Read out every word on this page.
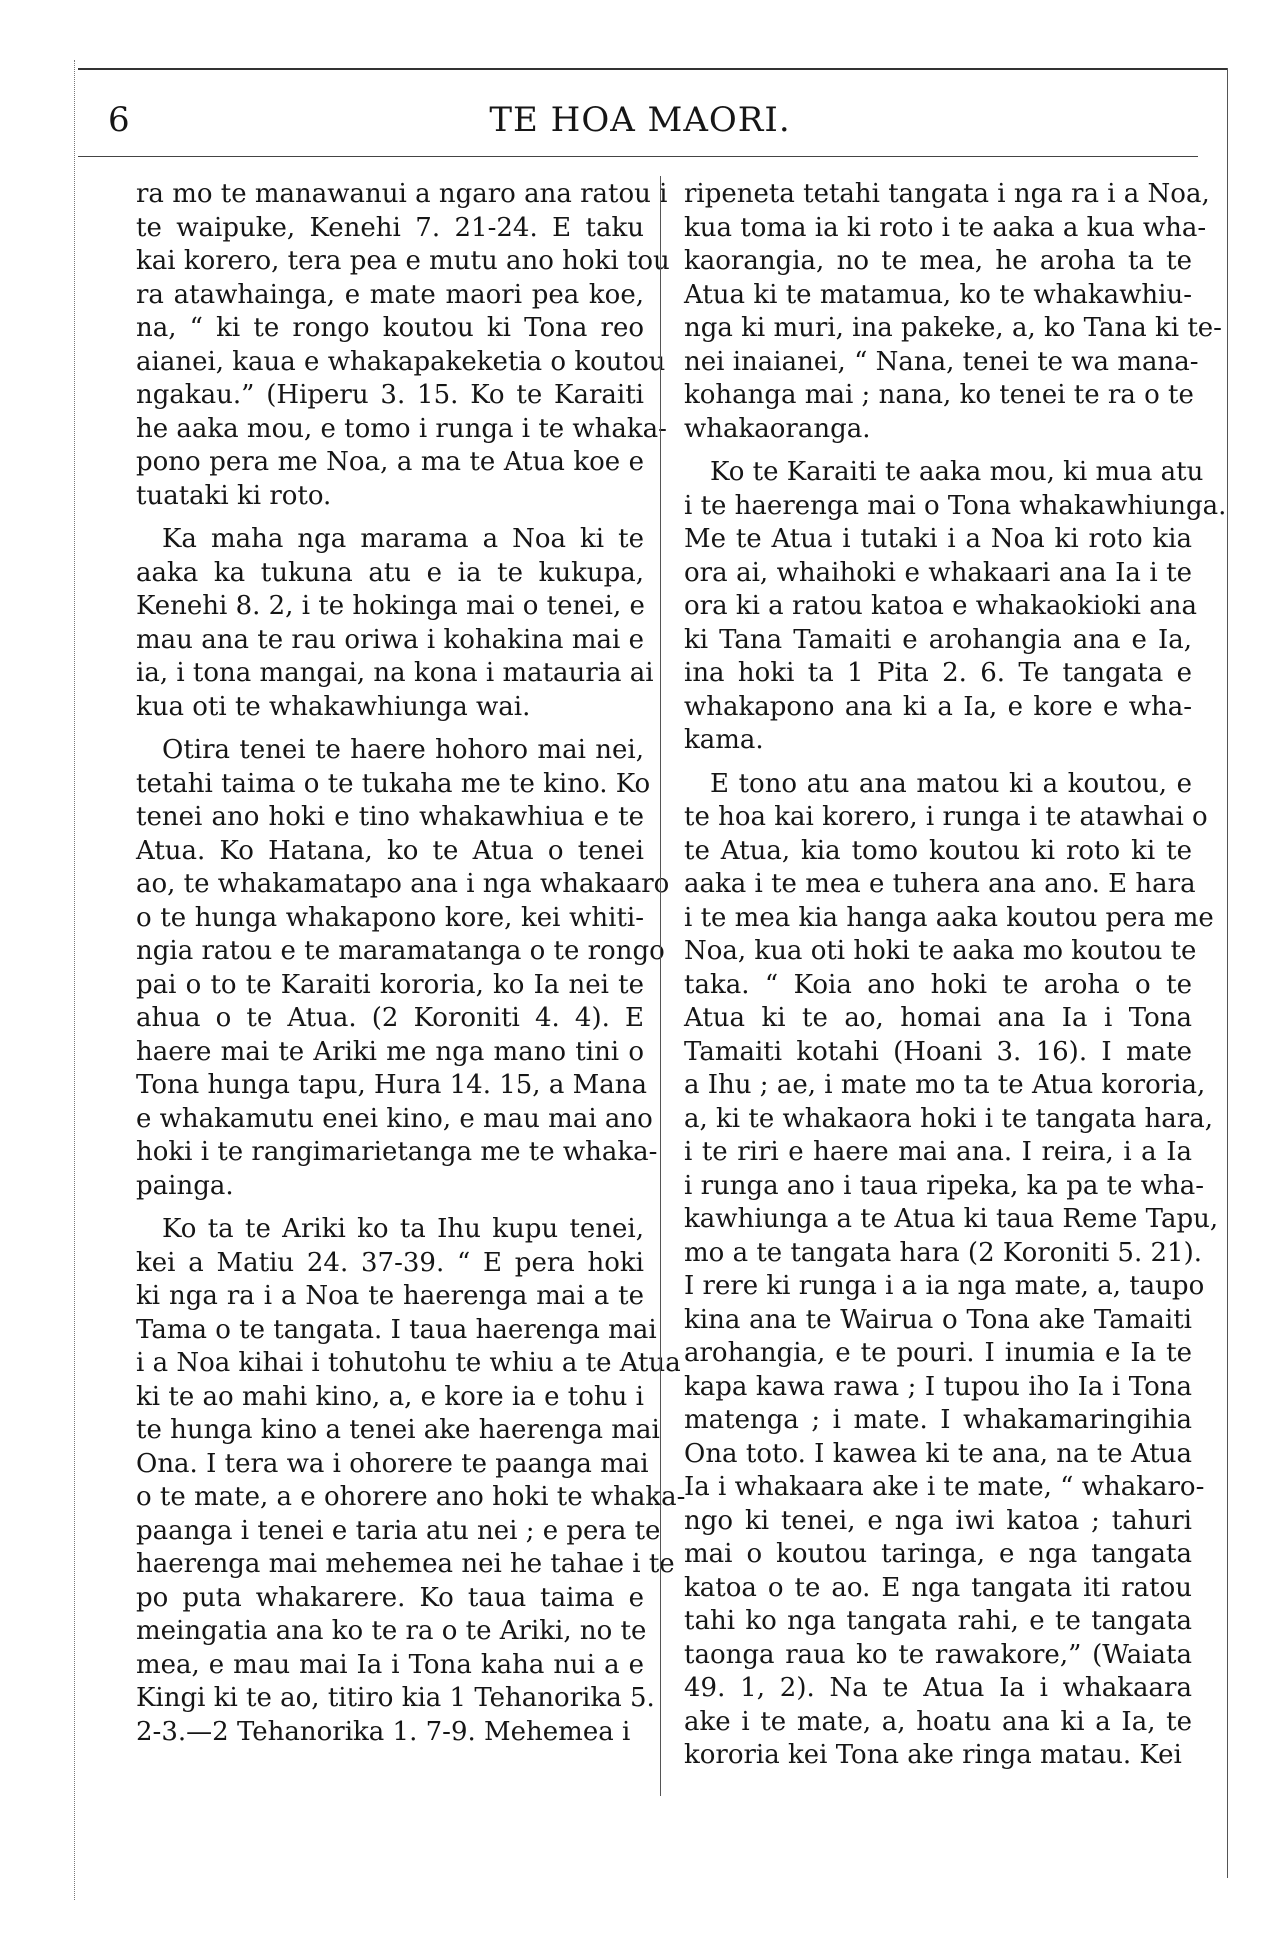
6	TE HOA MAORI.
ra mo te manawanui a ngaro ana ratou i
te waipuke, Kenehi 7. 21-24. E taku
kai korero, tera pea e mutu ano hoki tou
ra atawhainga, e mate maori pea koe,
na, “ ki te rongo koutou ki Tona reo
aianei, kaua e whakapakeketia o koutou
ngakau.” (Hiperu 3. 15. Ko te Karaiti
he aaka mou, e tomo i runga i te whaka-
pono pera me Noa, a ma te Atua koe e
tuataki ki roto.
Ka maha nga marama a Noa ki te
aaka ka tukuna atu e ia te kukupa,
Kenehi 8. 2, i te hokinga mai o tenei, e
mau ana te rau oriwa i kohakina mai e
ia, i tona mangai, na kona i matauria ai
kua oti te whakawhiunga wai.
Otira tenei te haere hohoro mai nei,
tetahi taima o te tukaha me te kino. Ko
tenei ano hoki e tino whakawhiua e te
Atua. Ko Hatana, ko te Atua o tenei
ao, te whakamatapo ana i nga whakaaro
o te hunga whakapono kore, kei whiti-
ngia ratou e te maramatanga o te rongo
pai o to te Karaiti kororia, ko Ia nei te
ahua o te Atua. (2 Koroniti 4. 4). E
haere mai te Ariki me nga mano tini o
Tona hunga tapu, Hura 14. 15, a Mana
e whakamutu enei kino, e mau mai ano
hoki i te rangimarietanga me te whaka-
painga.
Ko ta te Ariki ko ta Ihu kupu tenei,
kei a Matiu 24. 37-39. “ E pera hoki
ki nga ra i a Noa te haerenga mai a te
Tama o te tangata. I taua haerenga mai
i a Noa kihai i tohutohu te whiu a te Atua
ki te ao mahi kino, a, e kore ia e tohu i
te hunga kino a tenei ake haerenga mai
Ona. I tera wa i ohorere te paanga mai
o te mate, a e ohorere ano hoki te whaka-
paanga i tenei e taria atu nei ; e pera te
haerenga mai mehemea nei he tahae i te
po puta whakarere. Ko taua taima e
meingatia ana ko te ra o te Ariki, no te
mea, e mau mai Ia i Tona kaha nui a e
Kingi ki te ao, titiro kia 1 Tehanorika 5.
2-3.—2 Tehanorika 1. 7-9. Mehemea i
ripeneta tetahi tangata i nga ra i a Noa,
kua toma ia ki roto i te aaka a kua wha-
kaorangia, no te mea, he aroha ta te
Atua ki te matamua, ko te whakawhiu-
nga ki muri, ina pakeke, a, ko Tana ki te-
nei inaianei, “ Nana, tenei te wa mana-
kohanga mai ; nana, ko tenei te ra o te
whakaoranga.
Ko te Karaiti te aaka mou, ki mua atu
i te haerenga mai o Tona whakawhiunga.
Me te Atua i tutaki i a Noa ki roto kia
ora ai, whaihoki e whakaari ana Ia i te
ora ki a ratou katoa e whakaokioki ana
ki Tana Tamaiti e arohangia ana e Ia,
ina hoki ta 1 Pita 2. 6. Te tangata e
whakapono ana ki a Ia, e kore e wha-
kama.
E tono atu ana matou ki a koutou, e
te hoa kai korero, i runga i te atawhai o
te Atua, kia tomo koutou ki roto ki te
aaka i te mea e tuhera ana ano. E hara
i te mea kia hanga aaka koutou pera me
Noa, kua oti hoki te aaka mo koutou te
taka. “ Koia ano hoki te aroha o te
Atua ki te ao, homai ana Ia i Tona
Tamaiti kotahi (Hoani 3. 16). I mate
a Ihu ; ae, i mate mo ta te Atua kororia,
a, ki te whakaora hoki i te tangata hara,
i te riri e haere mai ana. I reira, i a Ia
i runga ano i taua ripeka, ka pa te wha-
kawhiunga a te Atua ki taua Reme Tapu,
mo a te tangata hara (2 Koroniti 5. 21).
I rere ki runga i a ia nga mate, a, taupo
kina ana te Wairua o Tona ake Tamaiti
arohangia, e te pouri. I inumia e Ia te
kapa kawa rawa ; I tupou iho Ia i Tona
matenga ; i mate. I whakamaringihia
Ona toto. I kawea ki te ana, na te Atua
Ia i whakaara ake i te mate, “ whakaro-
ngo ki tenei, e nga iwi katoa ; tahuri
mai o koutou taringa, e nga tangata
katoa o te ao. E nga tangata iti ratou
tahi ko nga tangata rahi, e te tangata
taonga raua ko te rawakore,” (Waiata
49. 1, 2). Na te Atua Ia i whakaara
ake i te mate, a, hoatu ana ki a Ia, te
kororia kei Tona ake ringa matau. Kei
